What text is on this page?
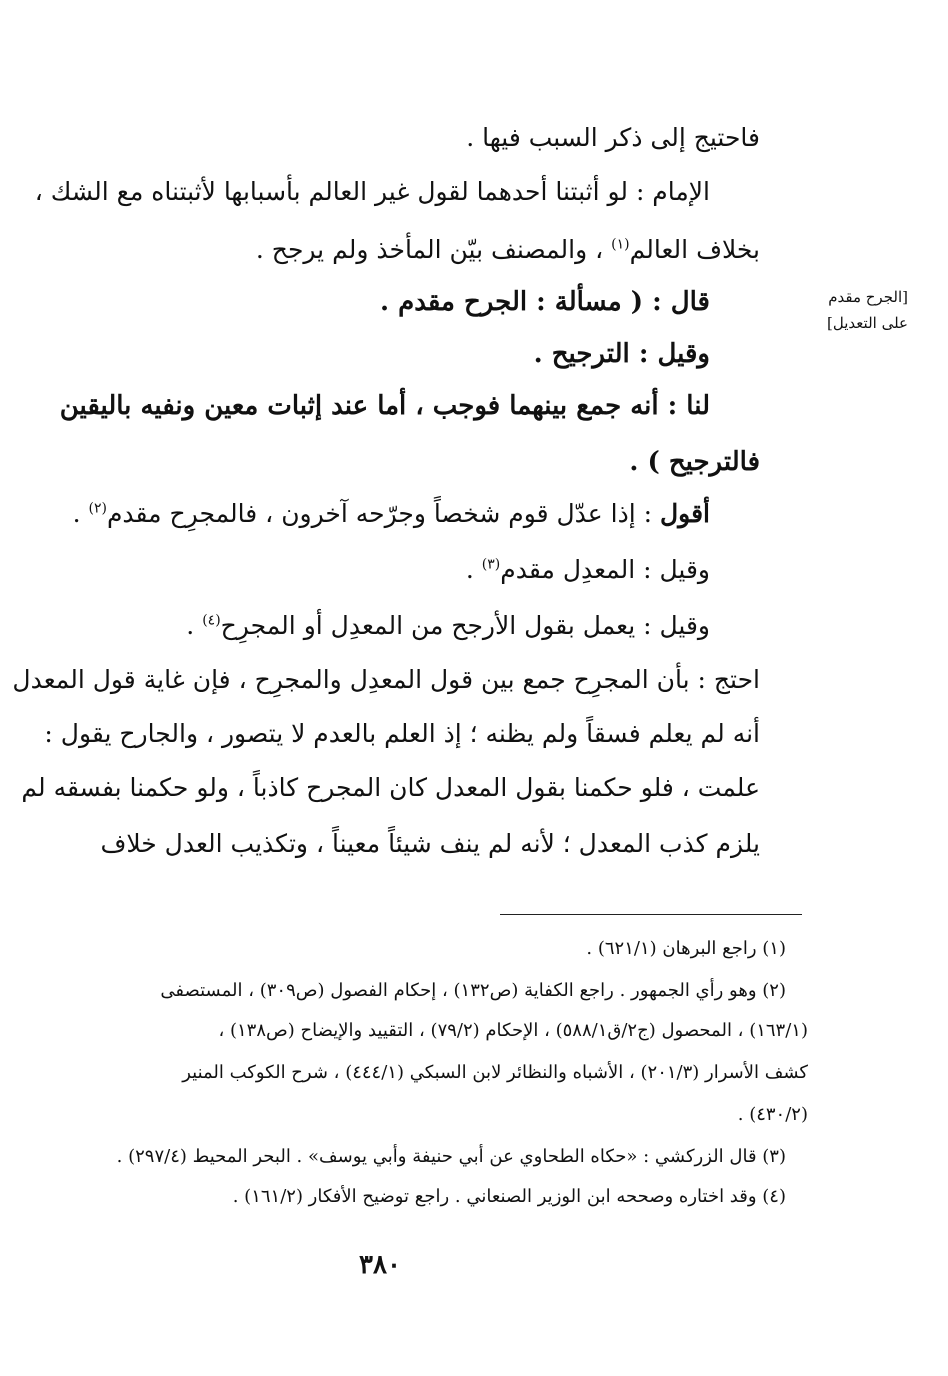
[الجرح مقدم
على التعديل]
فاحتيج إلى ذكر السبب فيها .
الإمام : لو أثبتنا أحدهما لقول غير العالم بأسبابها لأثبتناه مع الشك ،
بخلاف العالم$^{(١)}$ ، والمصنف بيّن المأخذ ولم يرجح .
قال : ( مسألة : الجرح مقدم .
وقيل : الترجيح .
لنا : أنه جمع بينهما فوجب ، أما عند إثبات معين ونفيه باليقين
فالترجيح ) .
أقول : إذا عدّل قوم شخصاً وجرّحه آخرون ، فالمجرِح مقدم$^{(٢)}$ .
وقيل : المعدِل مقدم$^{(٣)}$ .
وقيل : يعمل بقول الأرجح من المعدِل أو المجرِح$^{(٤)}$ .
احتج : بأن المجرِح جمع بين قول المعدِل والمجرِح ، فإن غاية قول المعدل
أنه لم يعلم فسقاً ولم يظنه ؛ إذ العلم بالعدم لا يتصور ، والجارح يقول :
علمت ، فلو حكمنا بقول المعدل كان المجرح كاذباً ، ولو حكمنا بفسقه لم
يلزم كذب المعدل ؛ لأنه لم ينف شيئاً معيناً ، وتكذيب العدل خلاف
(١) راجع البرهان (٦٢١/١) .
(٢) وهو رأي الجمهور . راجع الكفاية (ص١٣٢) ، إحكام الفصول (ص٣٠٩) ، المستصفى
(١٦٣/١) ، المحصول (ج٢/ق٥٨٨/١) ، الإحكام (٧٩/٢) ، التقييد والإيضاح (ص١٣٨) ،
كشف الأسرار (٢٠١/٣) ، الأشباه والنظائر لابن السبكي (٤٤٤/١) ، شرح الكوكب المنير
(٤٣٠/٢) .
(٣) قال الزركشي : «حكاه الطحاوي عن أبي حنيفة وأبي يوسف» . البحر المحيط (٢٩٧/٤) .
(٤) وقد اختاره وصححه ابن الوزير الصنعاني . راجع توضيح الأفكار (١٦١/٢) .
٣٨٠
